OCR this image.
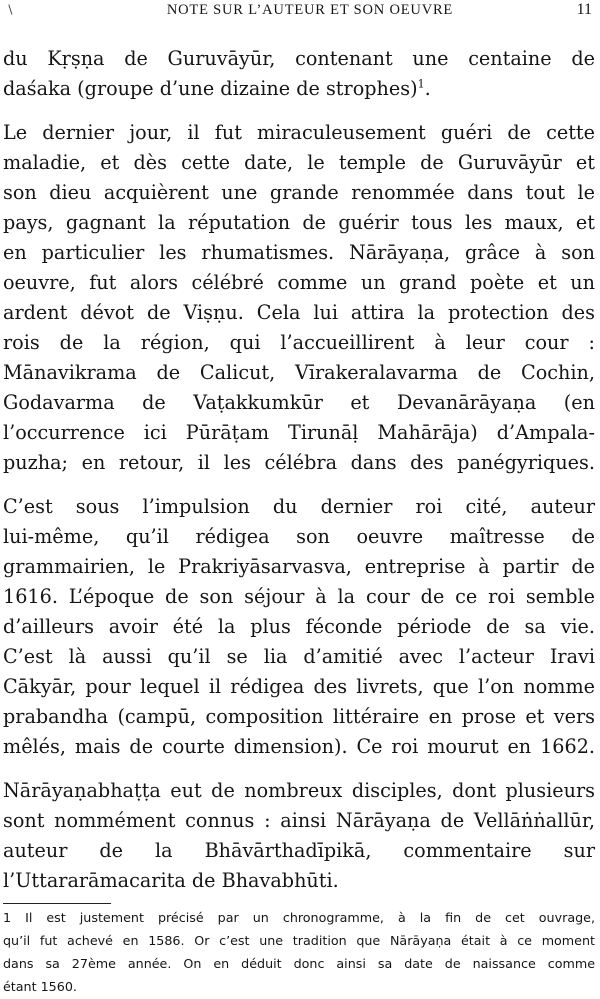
∖	NOTE SUR L’AUTEUR ET SON OEUVRE	11
du Kṛṣṇa de Guruvāyūr, contenant une centaine de
daśaka (groupe d’une dizaine de strophes)$^1$.
Le dernier jour, il fut miraculeusement guéri de cette
maladie, et dès cette date, le temple de Guruvāyūr et
son dieu acquièrent une grande renommée dans tout le
pays, gagnant la réputation de guérir tous les maux, et
en particulier les rhumatismes. Nārāyaṇa, grâce à son
oeuvre, fut alors célébré comme un grand poète et un
ardent dévot de Viṣṇu. Cela lui attira la protection des
rois de la région, qui l’accueillirent à leur cour :
Mānavikrama de Calicut, Vīrakeralavarma de Cochin,
Godavarma de Vaṭakkumkūr et Devanārāyaṇa (en
l’occurrence ici Pūrāṭam Tirunāḷ Mahārāja) d’Ampala-
puzha; en retour, il les célébra dans des panégyriques.
C’est sous l’impulsion du dernier roi cité, auteur
lui-même, qu’il rédigea son oeuvre maîtresse de
grammairien, le Prakriyāsarvasva, entreprise à partir de
1616. L’époque de son séjour à la cour de ce roi semble
d’ailleurs avoir été la plus féconde période de sa vie.
C’est là aussi qu’il se lia d’amitié avec l’acteur Iravi
Cākyār, pour lequel il rédigea des livrets, que l’on nomme
prabandha (campū, composition littéraire en prose et vers
mêlés, mais de courte dimension). Ce roi mourut en 1662.
Nārāyaṇabhaṭṭa eut de nombreux disciples, dont plusieurs
sont nommément connus : ainsi Nārāyaṇa de Vellāṅṅallūr,
auteur de la Bhāvārthadīpikā, commentaire sur
l’Uttararāmacarita de Bhavabhūti.
1 Il est justement précisé par un chronogramme, à la fin de cet ouvrage,
qu’il fut achevé en 1586. Or c’est une tradition que Nārāyaṇa était à ce moment
dans sa 27ème année. On en déduit donc ainsi sa date de naissance comme
étant 1560.
